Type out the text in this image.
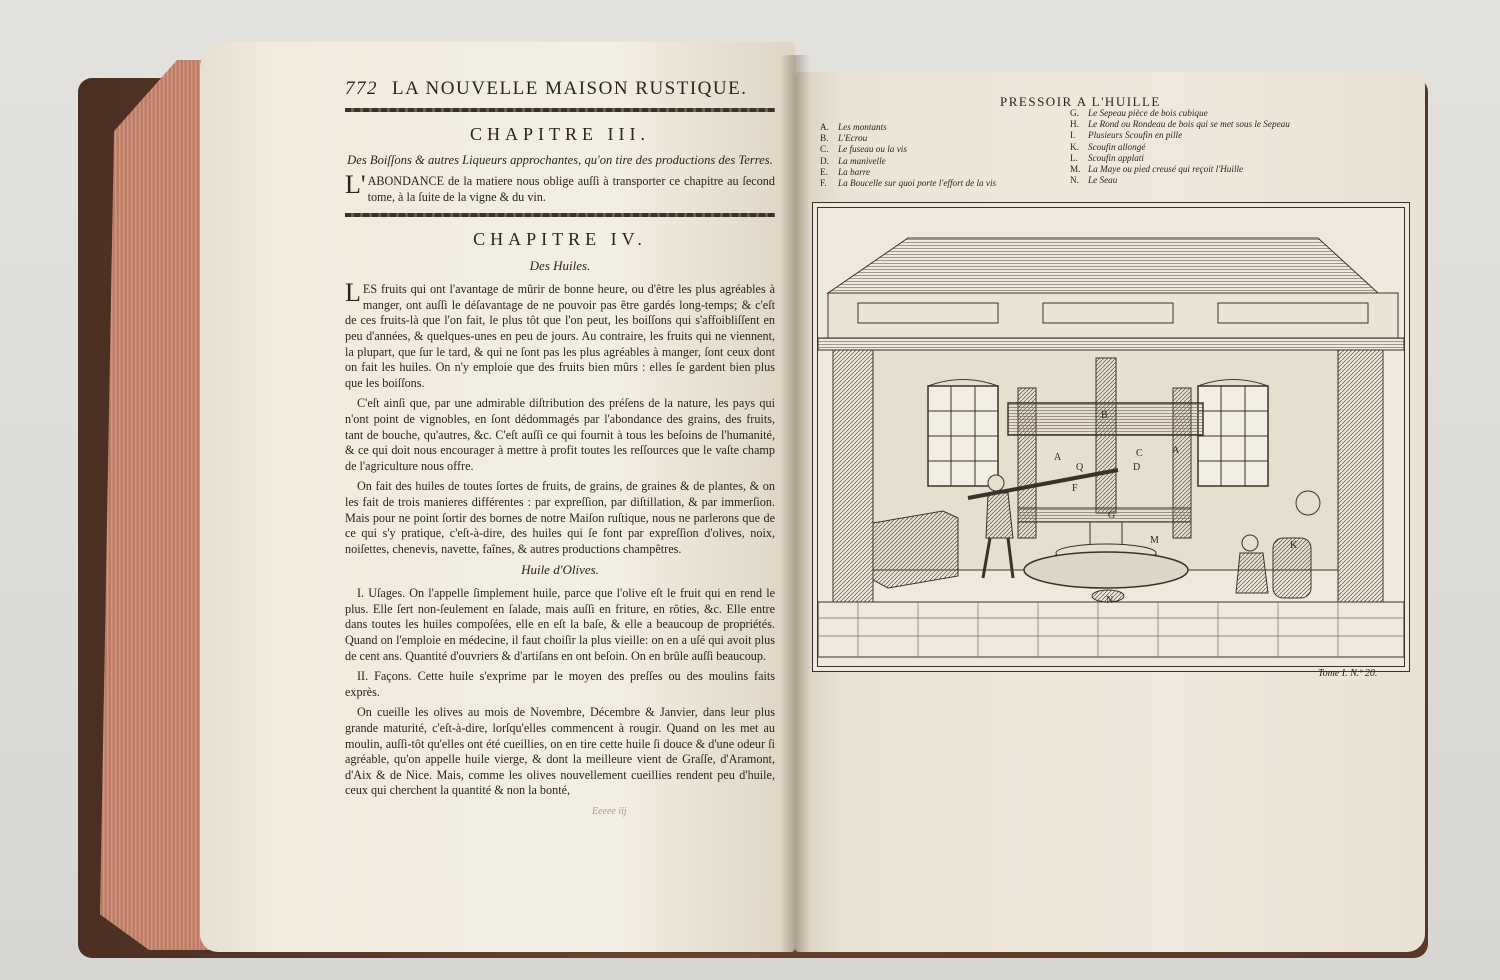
772 LA NOUVELLE MAISON RUSTIQUE.
CHAPITRE III.
Des Boiſſons & autres Liqueurs approchantes, qu'on tire des productions des Terres.

L'ABONDANCE de la matiere nous oblige auſſi à transporter ce chapitre au ſecond tome, à la ſuite de la vigne & du vin.

CHAPITRE IV.
Des Huiles.

LES fruits qui ont l'avantage de mûrir de bonne heure, ou d'être les plus agréables à manger, ont auſſi le déſavantage de ne pouvoir pas être gardés long-temps; & c'eſt de ces fruits-là que l'on fait, le plus tôt que l'on peut, les boiſſons qui s'affoibliſſent en peu d'années, & quelques-unes en peu de jours. Au contraire, les fruits qui ne viennent, la plupart, que ſur le tard, & qui ne ſont pas les plus agréables à manger, ſont ceux dont on fait les huiles. On n'y emploie que des fruits bien mûrs : elles ſe gardent bien plus que les boiſſons.

C'eſt ainſi que, par une admirable diſtribution des préſens de la nature, les pays qui n'ont point de vignobles, en ſont dédommagés par l'abondance des grains, des fruits, tant de bouche, qu'autres, &c. C'eſt auſſi ce qui fournit à tous les beſoins de l'humanité, & ce qui doit nous encourager à mettre à profit toutes les reſſources que le vaſte champ de l'agriculture nous offre.

On fait des huiles de toutes ſortes de fruits, de grains, de graines & de plantes, & on les fait de trois manieres différentes : par expreſſion, par diſtillation, & par immerſion. Mais pour ne point ſortir des bornes de notre Maiſon ruſtique, nous ne parlerons que de ce qui s'y pratique, c'eſt-à-dire, des huiles qui ſe font par expreſſion d'olives, noix, noiſettes, chenevis, navette, faînes, & autres productions champêtres.

Huile d'Olives.

I. Uſages. On l'appelle ſimplement huile, parce que l'olive eſt le fruit qui en rend le plus. Elle ſert non-ſeulement en ſalade, mais auſſi en friture, en rôties, &c. Elle entre dans toutes les huiles compoſées, elle en eſt la baſe, & elle a beaucoup de propriétés. Quand on l'emploie en médecine, il faut choiſir la plus vieille: on en a uſé qui avoit plus de cent ans. Quantité d'ouvriers & d'artiſans en ont beſoin. On en brûle auſſi beaucoup.

II. Façons. Cette huile s'exprime par le moyen des preſſes ou des moulins faits exprès.

On cueille les olives au mois de Novembre, Décembre & Janvier, dans leur plus grande maturité, c'eſt-à-dire, lorſqu'elles commencent à rougir. Quand on les met au moulin, auſſi-tôt qu'elles ont été cueillies, on en tire cette huile ſi douce & d'une odeur ſi agréable, qu'on appelle huile vierge, & dont la meilleure vient de Graſſe, d'Aramont, d'Aix & de Nice. Mais, comme les olives nouvellement cueillies rendent peu d'huile, ceux qui cherchent la quantité & non la bonté,

Eeeee iij
PRESSOIR A L'HUILLE
A. Les montants
B.	L'Ecrou
C.	Le fuseau ou la vis
D. La manivelle
E.	La barre
F.	La Boucelle sur quoi porte l'effort de la vis
G. Le Sepeau pièce de bois cubique
H. Le Rond ou Rondeau de bois qui se met sous le Sepeau
I.	Plusieurs Scoufin en pille
K. Scoufin allongé
L.	Scoufin applati
M. La Maye ou pied creusé qui reçoit l'Huille
N. Le Seau
A
B
C
Q	D
F
G
M	K
N
A
Tome I. N.º 20.
